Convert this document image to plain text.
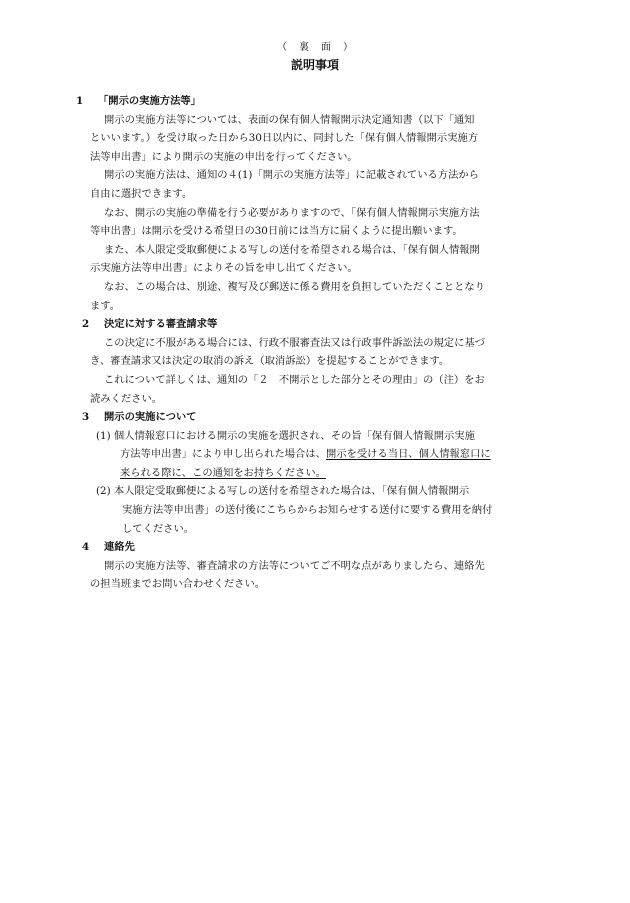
（ 裏 面 ）
説明事項
1	「開示の実施方法等」
開示の実施方法等については、表面の保有個人情報開示決定通知書（以下「通知
といいます。）を受け取った日から30日以内に、同封した「保有個人情報開示実施方
法等申出書」により開示の実施の申出を行ってください。
開示の実施方法は、通知の４(1)「開示の実施方法等」に記載されている方法から
自由に選択できます。
なお、開示の実施の準備を行う必要がありますので、「保有個人情報開示実施方法
等申出書」は開示を受ける希望日の30日前には当方に届くように提出願います。
また、本人限定受取郵便による写しの送付を希望される場合は、「保有個人情報開
示実施方法等申出書」によりその旨を申し出てください。
なお、この場合は、別途、複写及び郵送に係る費用を負担していただくこととなり
ます。
2	決定に対する審査請求等
この決定に不服がある場合には、行政不服審査法又は行政事件訴訟法の規定に基づ
き、審査請求又は決定の取消の訴え（取消訴訟）を提起することができます。
これについて詳しくは、通知の「２　不開示とした部分とその理由」の（注）をお
読みください。
3	開示の実施について
(1) 個人情報窓口における開示の実施を選択され、その旨「保有個人情報開示実施
方法等申出書」により申し出られた場合は、開示を受ける当日、個人情報窓口に
来られる際に、この通知をお持ちください。
(2) 本人限定受取郵便による写しの送付を希望された場合は、「保有個人情報開示
実施方法等申出書」の送付後にこちらからお知らせする送付に要する費用を納付
してください。
4	連絡先
開示の実施方法等、審査請求の方法等についてご不明な点がありましたら、連絡先
の担当班までお問い合わせください。
